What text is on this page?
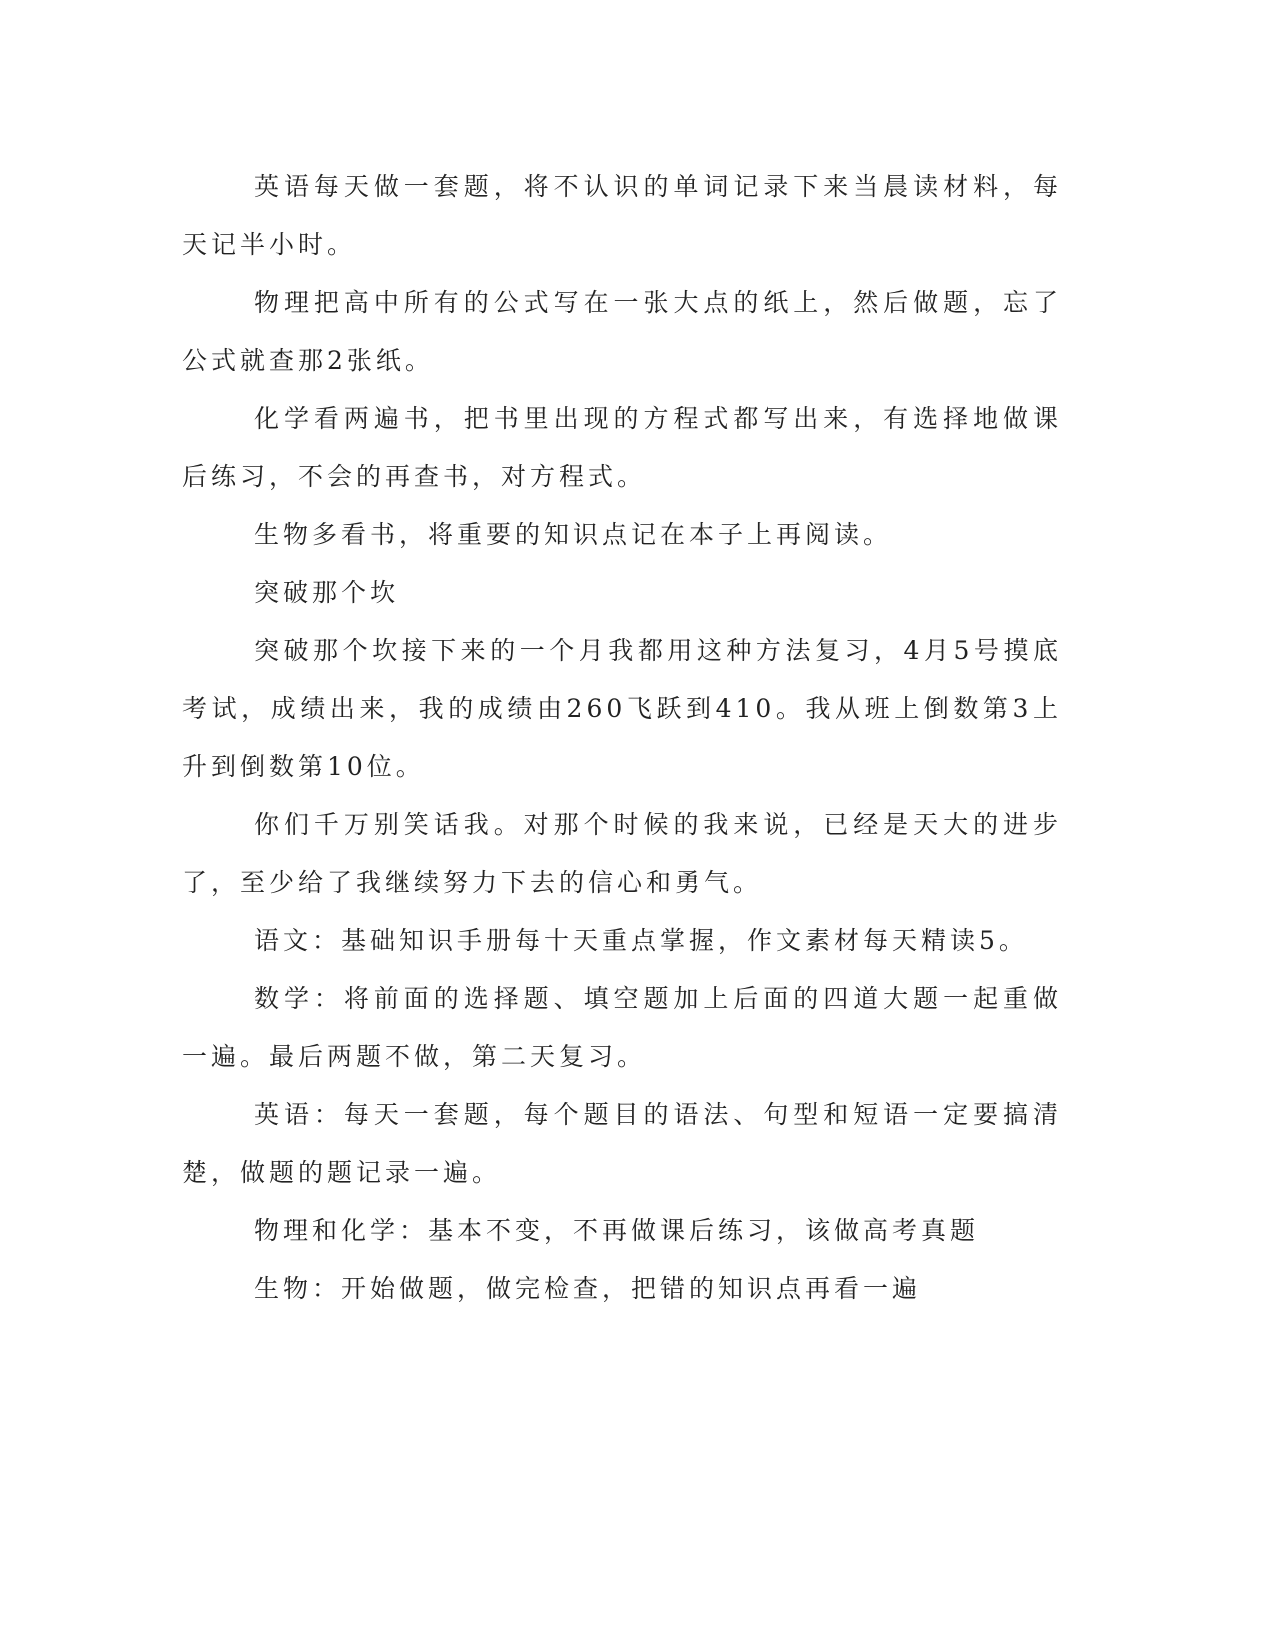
英语每天做一套题，将不认识的单词记录下来当晨读材料，每天记半小时。

物理把高中所有的公式写在一张大点的纸上，然后做题，忘了公式就查那2张纸。

化学看两遍书，把书里出现的方程式都写出来，有选择地做课后练习，不会的再查书，对方程式。

生物多看书，将重要的知识点记在本子上再阅读。

突破那个坎

突破那个坎接下来的一个月我都用这种方法复习，4月5号摸底考试，成绩出来，我的成绩由260飞跃到410。我从班上倒数第3上升到倒数第10位。

你们千万别笑话我。对那个时候的我来说，已经是天大的进步了，至少给了我继续努力下去的信心和勇气。

语文：基础知识手册每十天重点掌握，作文素材每天精读5。

数学：将前面的选择题、填空题加上后面的四道大题一起重做一遍。最后两题不做，第二天复习。

英语：每天一套题，每个题目的语法、句型和短语一定要搞清楚，做题的题记录一遍。

物理和化学：基本不变，不再做课后练习，该做高考真题

生物：开始做题，做完检查，把错的知识点再看一遍
